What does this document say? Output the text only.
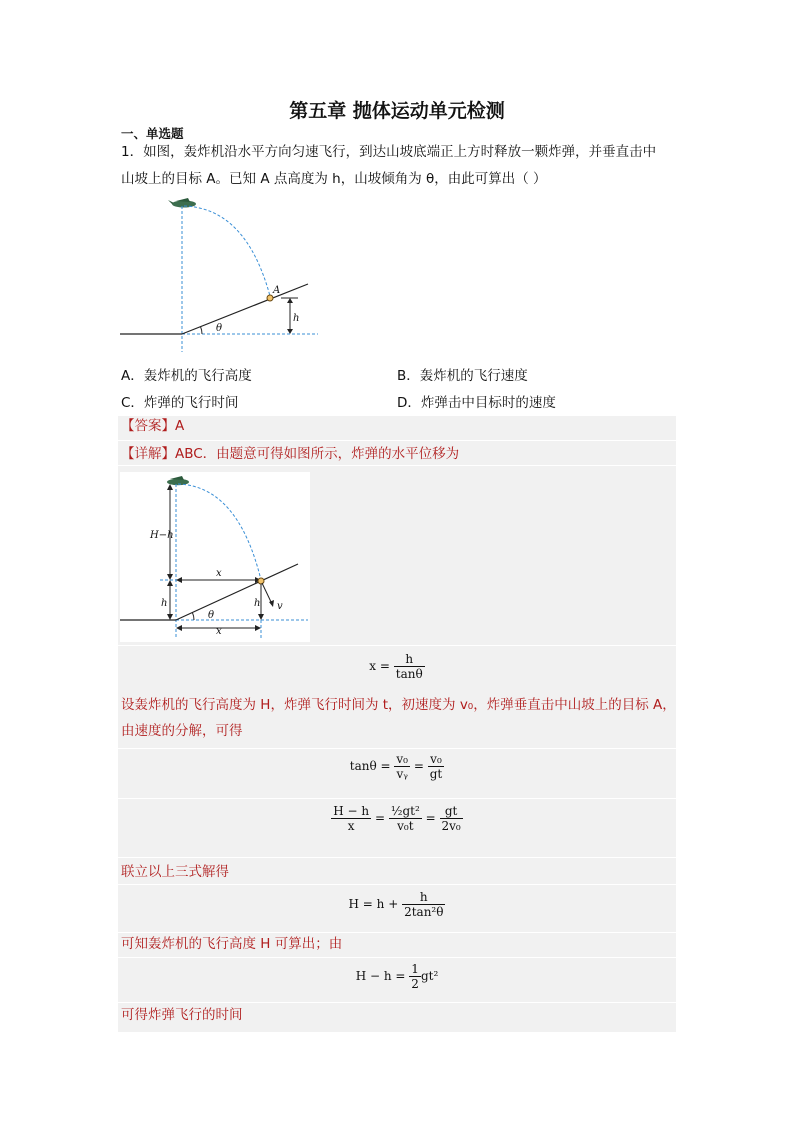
第五章 抛体运动单元检测
一、单选题
1．如图，轰炸机沿水平方向匀速飞行，到达山坡底端正上方时释放一颗炸弹，并垂直击中
山坡上的目标 A。已知 A 点高度为 h，山坡倾角为 θ，由此可算出（ ）
θ
A
h
A．轰炸机的飞行高度	B．轰炸机的飞行速度
C．炸弹的飞行时间	D．炸弹击中目标时的速度
【答案】A
【详解】ABC．由题意可得如图所示，炸弹的水平位移为
H−h
h
x
x
θ
h v
$x = \frac{h}{\tan\theta}$
设轰炸机的飞行高度为 H，炸弹飞行时间为 t，初速度为 v₀，炸弹垂直击中山坡上的目标 A，
由速度的分解，可得
$\tan\theta = \frac{\text{v₀}}{\text{vᵧ}} = \frac{\text{v₀}}{gt}$
$\frac{H - h}{x} = \frac{\text{½gt²}}{\text{v₀t}} = \frac{gt}{\text{2v₀}}$
联立以上三式解得
$H = h + \frac{h}{\text{2tan²θ}}$
可知轰炸机的飞行高度 H 可算出；由
$H - h = \frac{1}{2} gt^2$
可得炸弹飞行的时间
